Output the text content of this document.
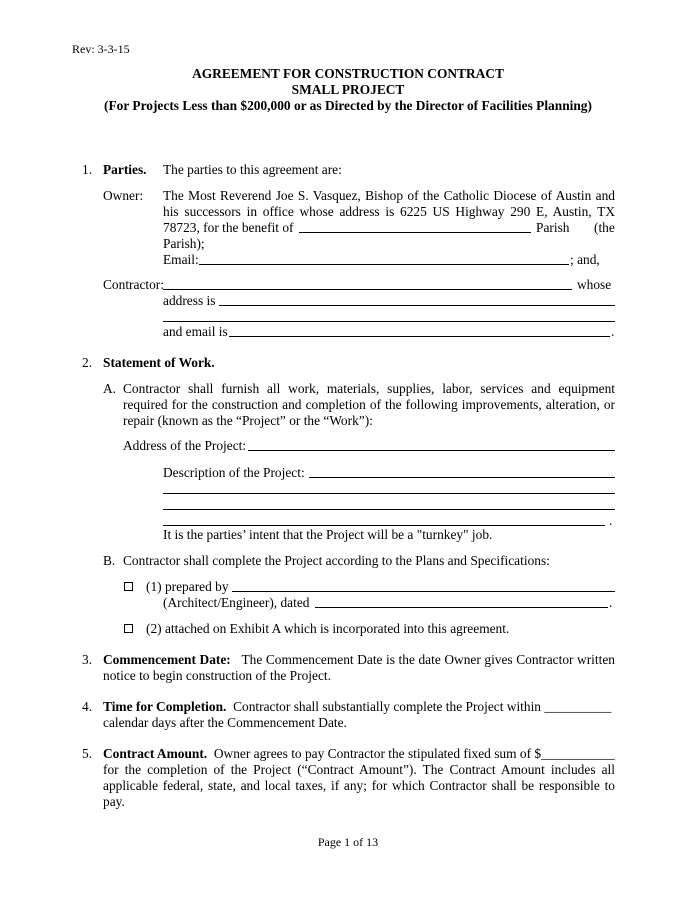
Rev: 3-3-15
AGREEMENT FOR CONSTRUCTION CONTRACT
SMALL PROJECT
(For Projects Less than $200,000 or as Directed by the Director of Facilities Planning)
1. Parties. The parties to this agreement are:
Owner: The Most Reverend Joe S. Vasquez, Bishop of the Catholic Diocese of Austin and
his successors in office whose address is 6225 US Highway 290 E, Austin, TX
78723, for the benefit of	Parish (the
Parish);
Email:	; and,
Contractor:	whose
address is
and email is	.
2. Statement of Work.
A. Contractor shall furnish all work, materials, supplies, labor, services and equipment required for the construction and completion of the following improvements, alteration, or repair (known as the “Project” or the “Work”):
Address of the Project:
Description of the Project:
.
It is the parties’ intent that the Project will be a "turnkey" job.
B. Contractor shall complete the Project according to the Plans and Specifications:
(1) prepared by
(Architect/Engineer), dated	.
(2) attached on Exhibit A which is incorporated into this agreement.
3. Commencement Date: The Commencement Date is the date Owner gives Contractor written notice to begin construction of the Project.
4. Time for Completion. Contractor shall substantially complete the Project within __________
calendar days after the Commencement Date.
5. Contract Amount. Owner agrees to pay Contractor the stipulated fixed sum of $___________
for the completion of the Project (“Contract Amount”). The Contract Amount includes all applicable federal, state, and local taxes, if any; for which Contractor shall be responsible to pay.
Page 1 of 13
